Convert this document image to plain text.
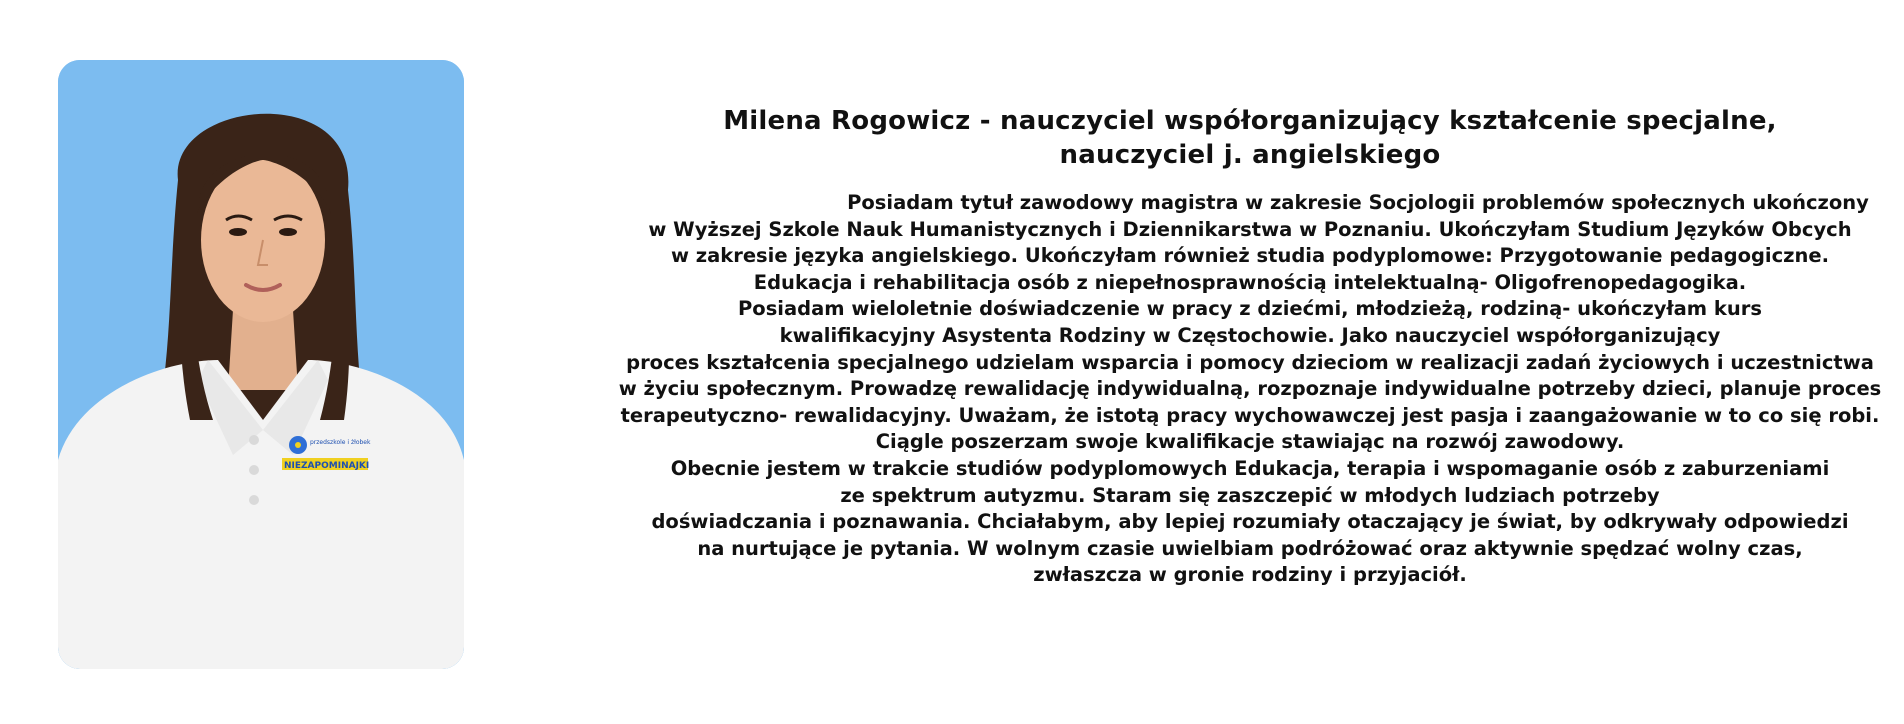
NIEZAPOMINAJKI
przedszkole i żłobek
Milena Rogowicz - nauczyciel współorganizujący kształcenie specjalne,
nauczyciel j. angielskiego
Posiadam tytuł zawodowy magistra w zakresie Socjologii problemów społecznych ukończony
w Wyższej Szkole Nauk Humanistycznych i Dziennikarstwa w Poznaniu. Ukończyłam Studium Języków Obcych
w zakresie języka angielskiego. Ukończyłam również studia podyplomowe: Przygotowanie pedagogiczne.
Edukacja i rehabilitacja osób z niepełnosprawnością intelektualną- Oligofrenopedagogika.
Posiadam wieloletnie doświadczenie w pracy z dziećmi, młodzieżą, rodziną- ukończyłam kurs
kwalifikacyjny Asystenta Rodziny w Częstochowie. Jako nauczyciel współorganizujący
proces kształcenia specjalnego udzielam wsparcia i pomocy dzieciom w realizacji zadań życiowych i uczestnictwa
w życiu społecznym. Prowadzę rewalidację indywidualną, rozpoznaje indywidualne potrzeby dzieci, planuje proces
terapeutyczno- rewalidacyjny. Uważam, że istotą pracy wychowawczej jest pasja i zaangażowanie w to co się robi.
Ciągle poszerzam swoje kwalifikacje stawiając na rozwój zawodowy.
Obecnie jestem w trakcie studiów podyplomowych Edukacja, terapia i wspomaganie osób z zaburzeniami
ze spektrum autyzmu. Staram się zaszczepić w młodych ludziach potrzeby
doświadczania i poznawania. Chciałabym, aby lepiej rozumiały otaczający je świat, by odkrywały odpowiedzi
na nurtujące je pytania. W wolnym czasie uwielbiam podróżować oraz aktywnie spędzać wolny czas,
zwłaszcza w gronie rodziny i przyjaciół.
